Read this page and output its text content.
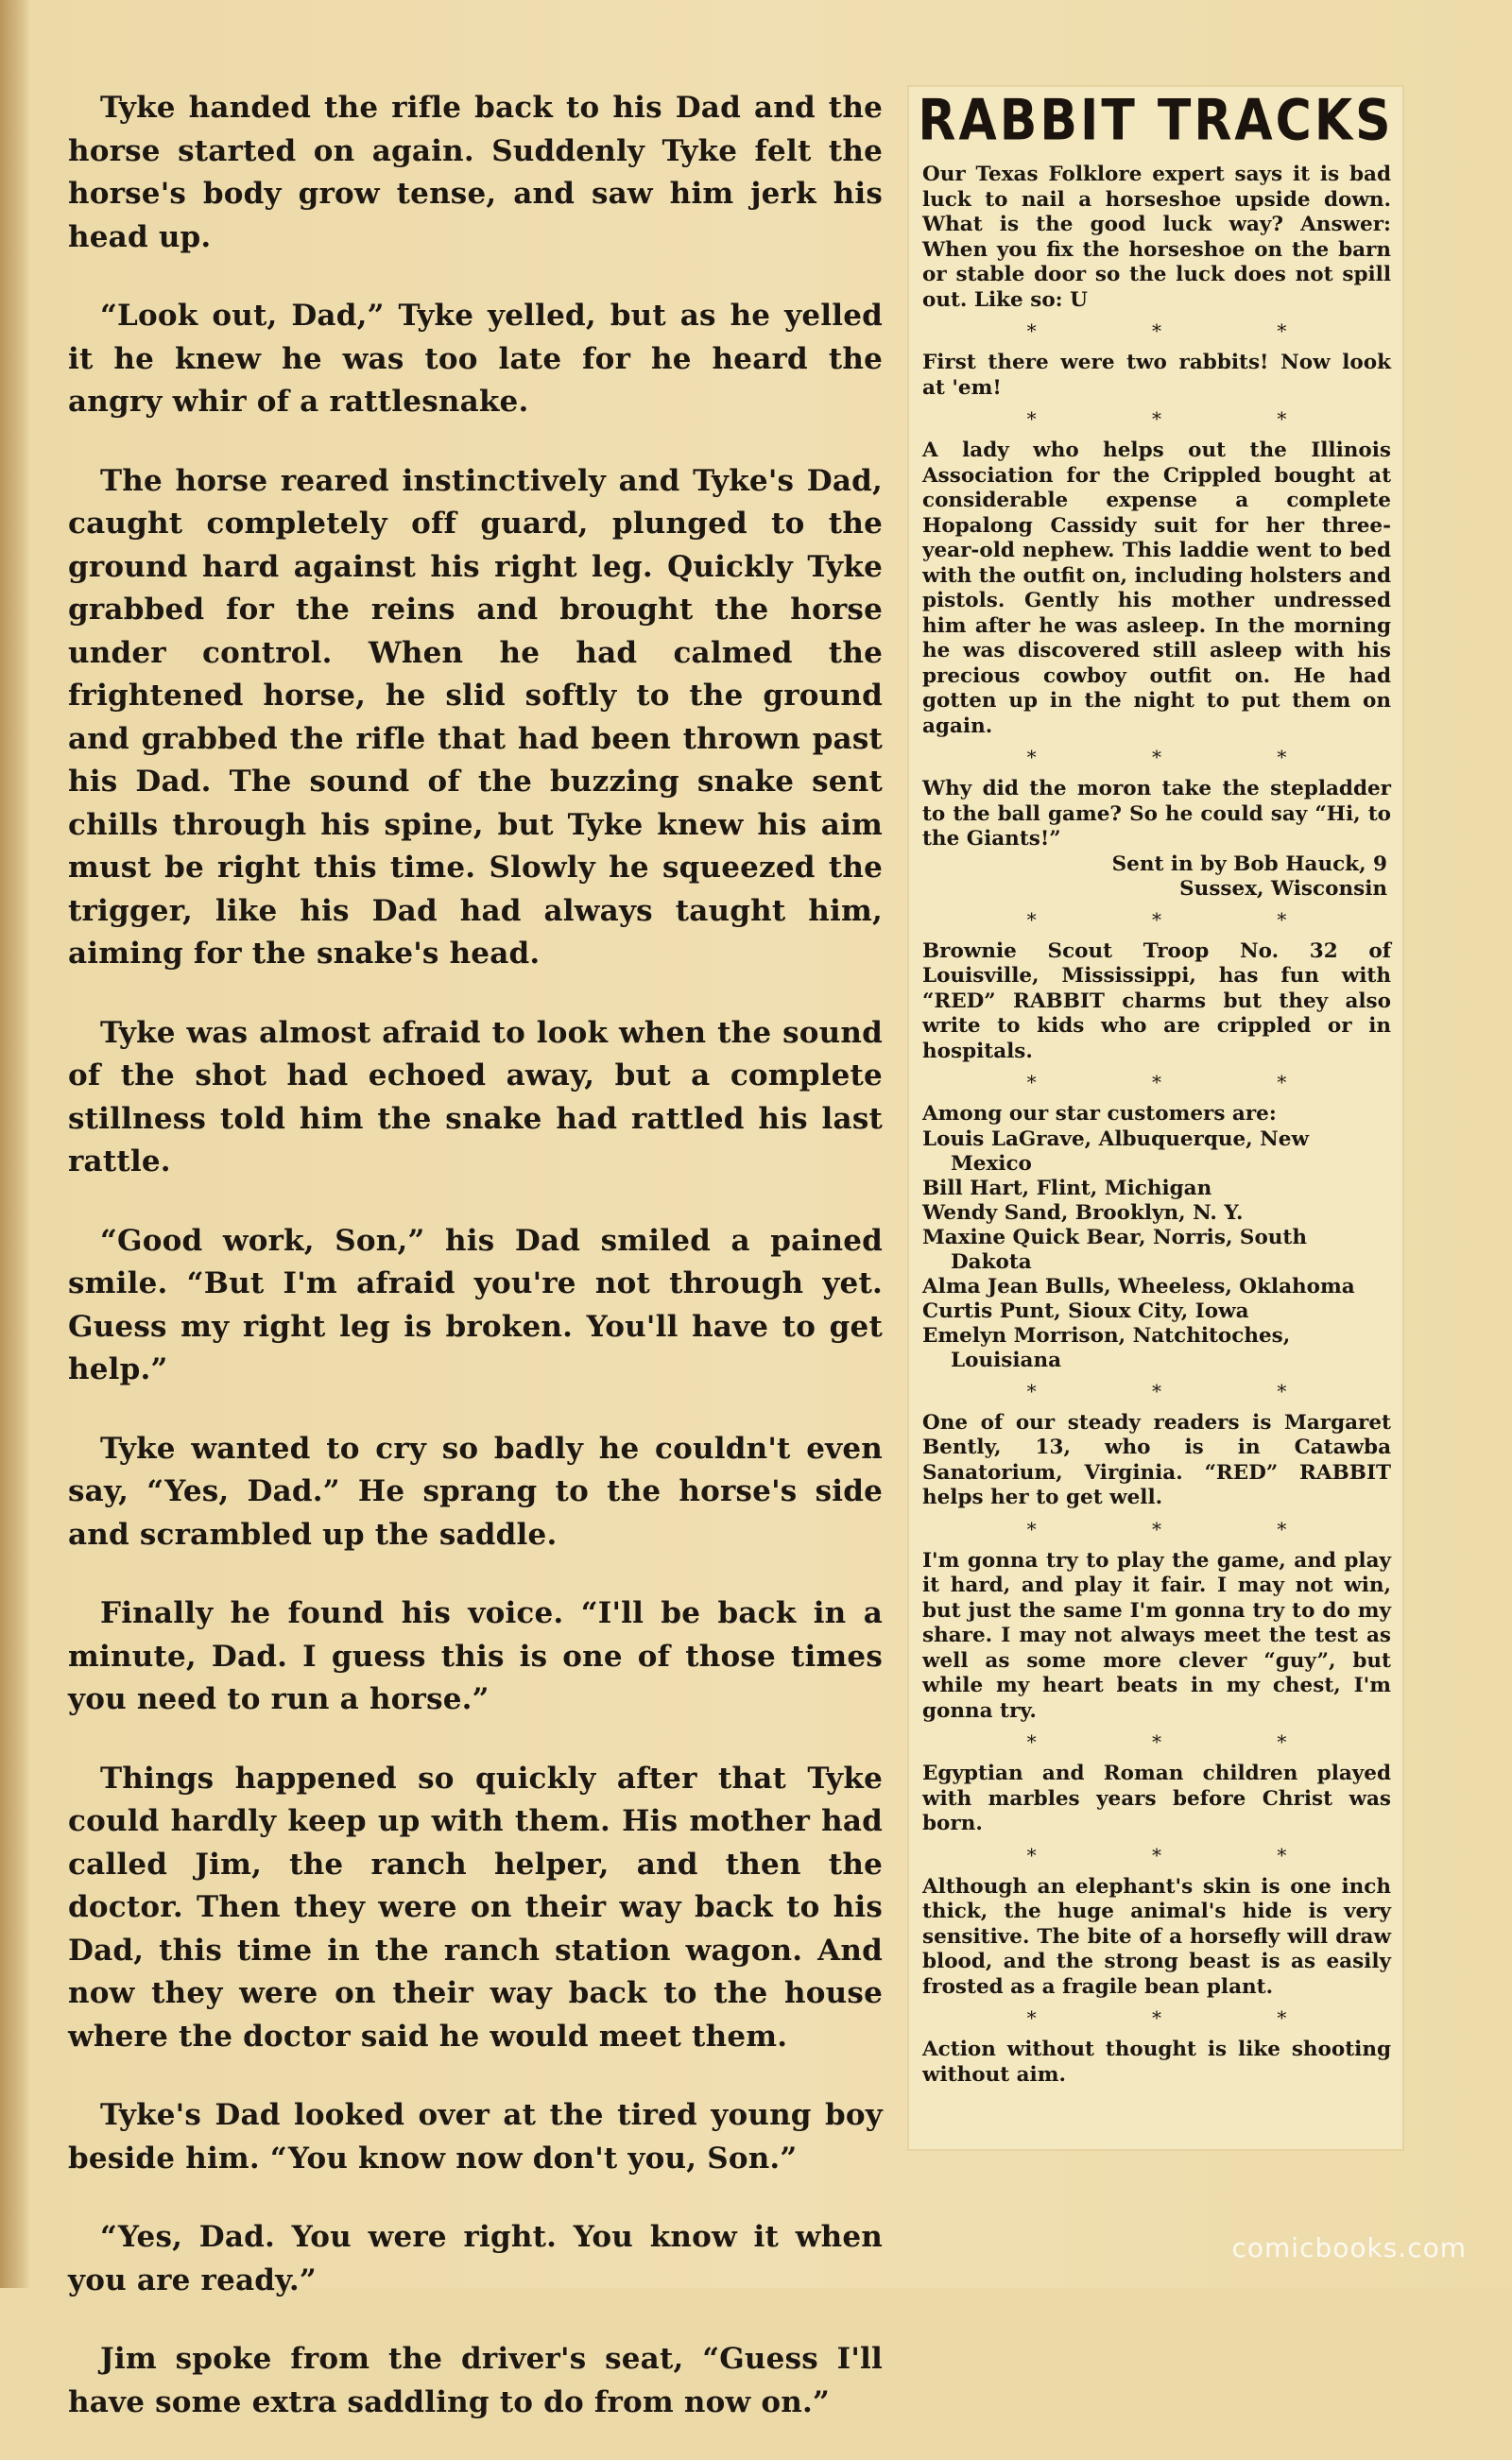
Tyke handed the rifle back to his Dad and the horse started on again. Suddenly Tyke felt the horse's body grow tense, and saw him jerk his head up.

“Look out, Dad,” Tyke yelled, but as he yelled it he knew he was too late for he heard the angry whir of a rattlesnake.

The horse reared instinctively and Tyke's Dad, caught completely off guard, plunged to the ground hard against his right leg. Quickly Tyke grabbed for the reins and brought the horse under control. When he had calmed the frightened horse, he slid softly to the ground and grabbed the rifle that had been thrown past his Dad. The sound of the buzzing snake sent chills through his spine, but Tyke knew his aim must be right this time. Slowly he squeezed the trigger, like his Dad had always taught him, aiming for the snake's head.

Tyke was almost afraid to look when the sound of the shot had echoed away, but a complete stillness told him the snake had rattled his last rattle.

“Good work, Son,” his Dad smiled a pained smile. “But I'm afraid you're not through yet. Guess my right leg is broken. You'll have to get help.”

Tyke wanted to cry so badly he couldn't even say, “Yes, Dad.” He sprang to the horse's side and scrambled up the saddle.

Finally he found his voice. “I'll be back in a minute, Dad. I guess this is one of those times you need to run a horse.”

Things happened so quickly after that Tyke could hardly keep up with them. His mother had called Jim, the ranch helper, and then the doctor. Then they were on their way back to his Dad, this time in the ranch station wagon. And now they were on their way back to the house where the doctor said he would meet them.

Tyke's Dad looked over at the tired young boy beside him. “You know now don't you, Son.”

“Yes, Dad. You were right. You know it when you are ready.”

Jim spoke from the driver's seat, “Guess I'll have some extra saddling to do from now on.”

RABBIT TRACKS

Our Texas Folklore expert says it is bad luck to nail a horseshoe upside down. What is the good luck way? Answer: When you fix the horseshoe on the barn or stable door so the luck does not spill out. Like so: U

* * *

First there were two rabbits! Now look at 'em!

* * *

A lady who helps out the Illinois Association for the Crippled bought at considerable expense a complete Hopalong Cassidy suit for her three-year-old nephew. This laddie went to bed with the outfit on, including holsters and pistols. Gently his mother undressed him after he was asleep. In the morning he was discovered still asleep with his precious cowboy outfit on. He had gotten up in the night to put them on again.

* * *

Why did the moron take the stepladder to the ball game? So he could say “Hi, to the Giants!”

Sent in by Bob Hauck, 9
Sussex, Wisconsin
* * *

Brownie Scout Troop No. 32 of Louisville, Mississippi, has fun with “RED” RABBIT charms but they also write to kids who are crippled or in hospitals.

* * *

Among our star customers are:

Louis LaGrave, Albuquerque, New Mexico
Bill Hart, Flint, Michigan
Wendy Sand, Brooklyn, N. Y.
Maxine Quick Bear, Norris, South Dakota
Alma Jean Bulls, Wheeless, Oklahoma
Curtis Punt, Sioux City, Iowa
Emelyn Morrison, Natchitoches, Louisiana
* * *

One of our steady readers is Margaret Bently, 13, who is in Catawba Sanatorium, Virginia. “RED” RABBIT helps her to get well.

* * *

I'm gonna try to play the game, and play it hard, and play it fair. I may not win, but just the same I'm gonna try to do my share. I may not always meet the test as well as some more clever “guy”, but while my heart beats in my chest, I'm gonna try.

* * *

Egyptian and Roman children played with marbles years before Christ was born.

* * *

Although an elephant's skin is one inch thick, the huge animal's hide is very sensitive. The bite of a horsefly will draw blood, and the strong beast is as easily frosted as a fragile bean plant.

* * *

Action without thought is like shooting without aim.

comicbooks.com
